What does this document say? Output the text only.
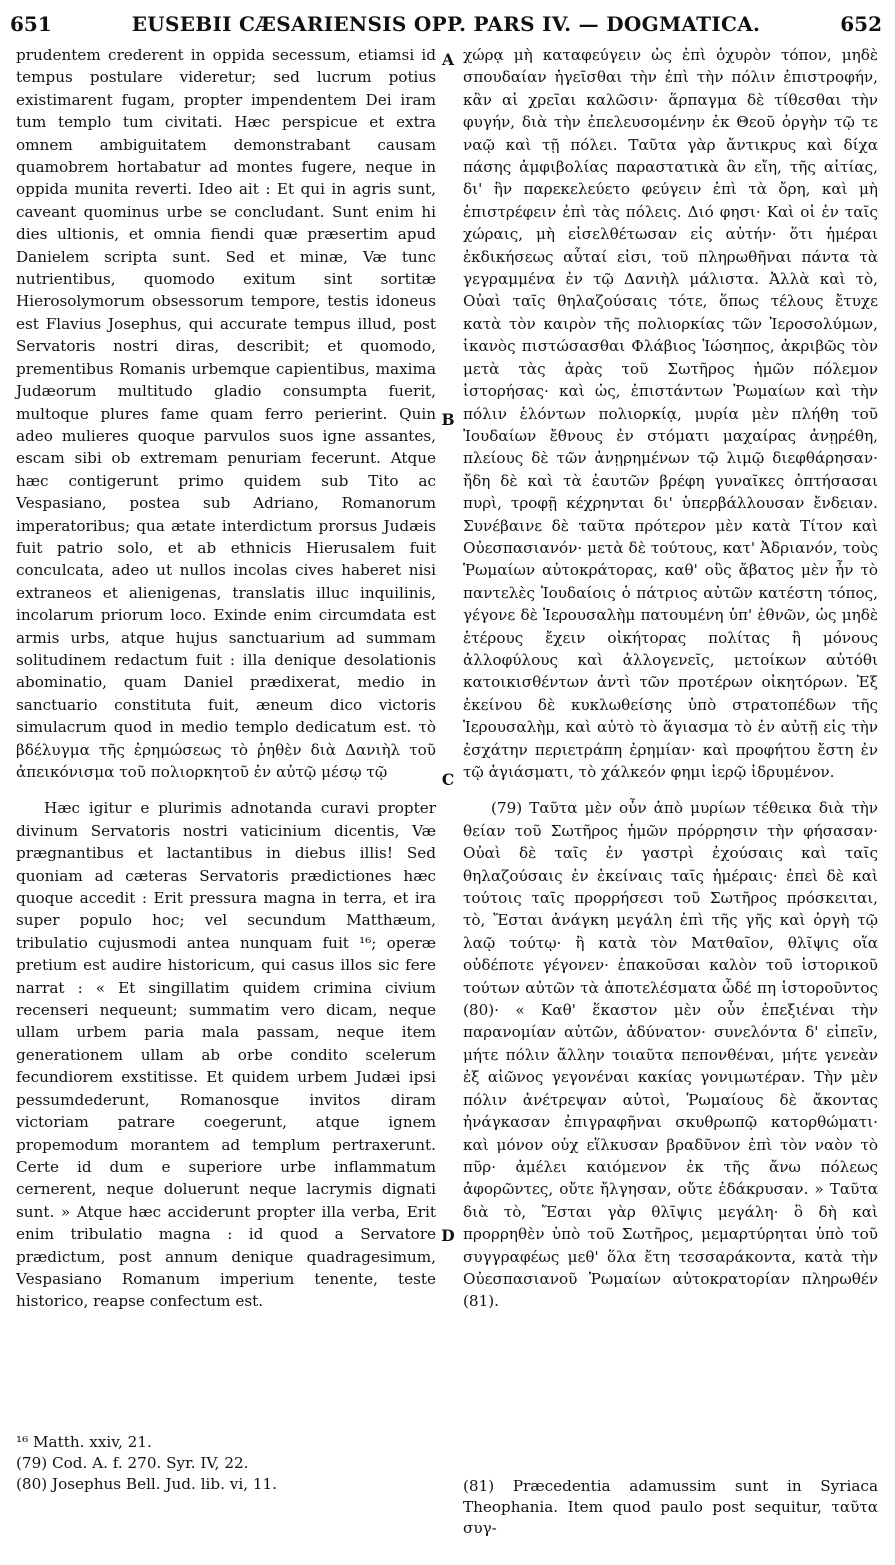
651	EUSEBII CÆSARIENSIS OPP. PARS IV. — DOGMATICA.	652

prudentem crederent in oppida secessum, etiamsi id tempus postulare videretur; sed lucrum potius existimarent fugam, propter impendentem Dei iram tum templo tum civitati. Hæc perspicue et extra omnem ambiguitatem demonstrabant causam quamobrem hortabatur ad montes fugere, neque in oppida munita reverti. Ideo ait : Et qui in agris sunt, caveant quominus urbe se concludant. Sunt enim hi dies ultionis, et omnia fiendi quæ præsertim apud Danielem scripta sunt. Sed et minæ, Væ tunc nutrientibus, quomodo exitum sint sortitæ Hierosolymorum obsessorum tempore, testis idoneus est Flavius Josephus, qui accurate tempus illud, post Servatoris nostri diras, describit; et quomodo, prementibus Romanis urbemque capientibus, maxima Judæorum multitudo gladio consumpta fuerit, multoque plures fame quam ferro perierint. Quin adeo mulieres quoque parvulos suos igne assantes, escam sibi ob extremam penuriam fecerunt. Atque hæc contigerunt primo quidem sub Tito ac Vespasiano, postea sub Adriano, Romanorum imperatoribus; qua ætate interdictum prorsus Judæis fuit patrio solo, et ab ethnicis Hierusalem fuit conculcata, adeo ut nullos incolas cives haberet nisi extraneos et alienigenas, translatis illuc inquilinis, incolarum priorum loco. Exinde enim circumdata est armis urbs, atque hujus sanctuarium ad summam solitudinem redactum fuit : illa denique desolationis abominatio, quam Daniel prædixerat, medio in sanctuario constituta fuit, æneum dico victoris simulacrum quod in medio templo dedicatum est. τὸ βδέλυγμα τῆς ἐρημώσεως τὸ ῥηθὲν διὰ Δανιὴλ τοῦ ἀπεικόνισμα τοῦ πολιορκητοῦ ἐν αὐτῷ μέσῳ τῷ

Hæc igitur e plurimis adnotanda curavi propter divinum Servatoris nostri vaticinium dicentis, Væ prægnantibus et lactantibus in diebus illis! Sed quoniam ad cæteras Servatoris prædictiones hæc quoque accedit : Erit pressura magna in terra, et ira super populo hoc; vel secundum Matthæum, tribulatio cujusmodi antea nunquam fuit ¹⁶; operæ pretium est audire historicum, qui casus illos sic fere narrat : « Et singillatim quidem crimina civium recenseri nequeunt; summatim vero dicam, neque ullam urbem paria mala passam, neque item generationem ullam ab orbe condito scelerum fecundiorem exstitisse. Et quidem urbem Judæi ipsi pessumdederunt, Romanosque invitos diram victoriam patrare coegerunt, atque ignem propemodum morantem ad templum pertraxerunt. Certe id dum e superiore urbe inflammatum cernerent, neque doluerunt neque lacrymis dignati sunt. » Atque hæc acciderunt propter illa verba, Erit enim tribulatio magna : id quod a Servatore prædictum, post annum denique quadragesimum, Vespasiano Romanum imperium tenente, teste historico, reapse confectum est.

A
B
C
D

χώρᾳ μὴ καταφεύγειν ὡς ἐπὶ ὀχυρὸν τόπον, μηδὲ σπουδαίαν ἡγεῖσθαι τὴν ἐπὶ τὴν πόλιν ἐπιστροφήν, κἂν αἱ χρεῖαι καλῶσιν· ἅρπαγμα δὲ τίθεσθαι τὴν φυγήν, διὰ τὴν ἐπελευσομένην ἐκ Θεοῦ ὀργὴν τῷ τε ναῷ καὶ τῇ πόλει. Ταῦτα γὰρ ἄντικρυς καὶ δίχα πάσης ἀμφιβολίας παραστατικὰ ἂν εἴη, τῆς αἰτίας, δι' ἣν παρεκελεύετο φεύγειν ἐπὶ τὰ ὄρη, καὶ μὴ ἐπιστρέφειν ἐπὶ τὰς πόλεις. Διό φησι· Καὶ οἱ ἐν ταῖς χώραις, μὴ εἰσελθέτωσαν εἰς αὐτήν· ὅτι ἡμέραι ἐκδικήσεως αὗταί εἰσι, τοῦ πληρωθῆναι πάντα τὰ γεγραμμένα ἐν τῷ Δανιὴλ μάλιστα. Ἀλλὰ καὶ τὸ, Οὐαὶ ταῖς θηλαζούσαις τότε, ὅπως τέλους ἔτυχε κατὰ τὸν καιρὸν τῆς πολιορκίας τῶν Ἱεροσολύμων, ἱκανὸς πιστώσασθαι Φλάβιος Ἰώσηπος, ἀκριβῶς τὸν μετὰ τὰς ἀρὰς τοῦ Σωτῆρος ἡμῶν πόλεμον ἱστορήσας· καὶ ὡς, ἐπιστάντων Ῥωμαίων καὶ τὴν πόλιν ἑλόντων πολιορκίᾳ, μυρία μὲν πλήθη τοῦ Ἰουδαίων ἔθνους ἐν στόματι μαχαίρας ἀνῃρέθη, πλείους δὲ τῶν ἀνῃρημένων τῷ λιμῷ διεφθάρησαν· ἤδη δὲ καὶ τὰ ἑαυτῶν βρέφη γυναῖκες ὀπτήσασαι πυρὶ, τροφῇ κέχρηνται δι' ὑπερβάλλουσαν ἔνδειαν. Συνέβαινε δὲ ταῦτα πρότερον μὲν κατὰ Τίτον καὶ Οὐεσπασιανόν· μετὰ δὲ τούτους, κατ' Ἀδριανόν, τοὺς Ῥωμαίων αὐτοκράτορας, καθ' οὓς ἄβατος μὲν ἦν τὸ παντελὲς Ἰουδαίοις ὁ πάτριος αὐτῶν κατέστη τόπος, γέγονε δὲ Ἱερουσαλὴμ πατουμένη ὑπ' ἐθνῶν, ὡς μηδὲ ἑτέρους ἔχειν οἰκήτορας πολίτας ἢ μόνους ἀλλοφύλους καὶ ἀλλογενεῖς, μετοίκων αὐτόθι κατοικισθέντων ἀντὶ τῶν προτέρων οἰκητόρων. Ἐξ ἐκείνου δὲ κυκλωθείσης ὑπὸ στρατοπέδων τῆς Ἱερουσαλὴμ, καὶ αὐτὸ τὸ ἅγιασμα τὸ ἐν αὐτῇ εἰς τὴν ἐσχάτην περιετράπη ἐρημίαν· καὶ προφήτου ἔστη ἐν τῷ ἁγιάσματι, τὸ χάλκεόν φημι ἱερῷ ἱδρυμένον.

(79) Ταῦτα μὲν οὖν ἀπὸ μυρίων τέθεικα διὰ τὴν θείαν τοῦ Σωτῆρος ἡμῶν πρόρρησιν τὴν φήσασαν· Οὐαὶ δὲ ταῖς ἐν γαστρὶ ἐχούσαις καὶ ταῖς θηλαζούσαις ἐν ἐκείναις ταῖς ἡμέραις· ἐπεὶ δὲ καὶ τούτοις ταῖς προρρήσεσι τοῦ Σωτῆρος πρόσκειται, τὸ, Ἔσται ἀνάγκη μεγάλη ἐπὶ τῆς γῆς καὶ ὀργὴ τῷ λαῷ τούτῳ· ἢ κατὰ τὸν Ματθαῖον, θλῖψις οἵα οὐδέποτε γέγονεν· ἐπακοῦσαι καλὸν τοῦ ἱστορικοῦ τούτων αὐτῶν τὰ ἀποτελέσματα ὧδέ πη ἱστοροῦντος (80)· « Καθ' ἕκαστον μὲν οὖν ἐπεξιέναι τὴν παρανομίαν αὐτῶν, ἀδύνατον· συνελόντα δ' εἰπεῖν, μήτε πόλιν ἄλλην τοιαῦτα πεπονθέναι, μήτε γενεὰν ἐξ αἰῶνος γεγονέναι κακίας γονιμωτέραν. Τὴν μὲν πόλιν ἀνέτρεψαν αὐτοὶ, Ῥωμαίους δὲ ἄκοντας ἠνάγκασαν ἐπιγραφῆναι σκυθρωπῷ κατορθώματι· καὶ μόνον οὐχ εἵλκυσαν βραδῦνον ἐπὶ τὸν ναὸν τὸ πῦρ· ἀμέλει καιόμενον ἐκ τῆς ἄνω πόλεως ἀφορῶντες, οὔτε ἤλγησαν, οὔτε ἐδάκρυσαν. » Ταῦτα διὰ τὸ, Ἔσται γὰρ θλῖψις μεγάλη· ὃ δὴ καὶ προρρηθὲν ὑπὸ τοῦ Σωτῆρος, μεμαρτύρηται ὑπὸ τοῦ συγγραφέως μεθ' ὅλα ἔτη τεσσαράκοντα, κατὰ τὴν Οὐεσπασιανοῦ Ῥωμαίων αὐτοκρατορίαν πληρωθέν (81).

¹⁶ Matth. xxiv, 21.
(79) Cod. A. f. 270. Syr. IV, 22.
(80) Josephus Bell. Jud. lib. vi, 11.	(81) Præcedentia adamussim sunt in Syriaca Theophania. Item quod paulo post sequitur, ταῦτα συγ-
